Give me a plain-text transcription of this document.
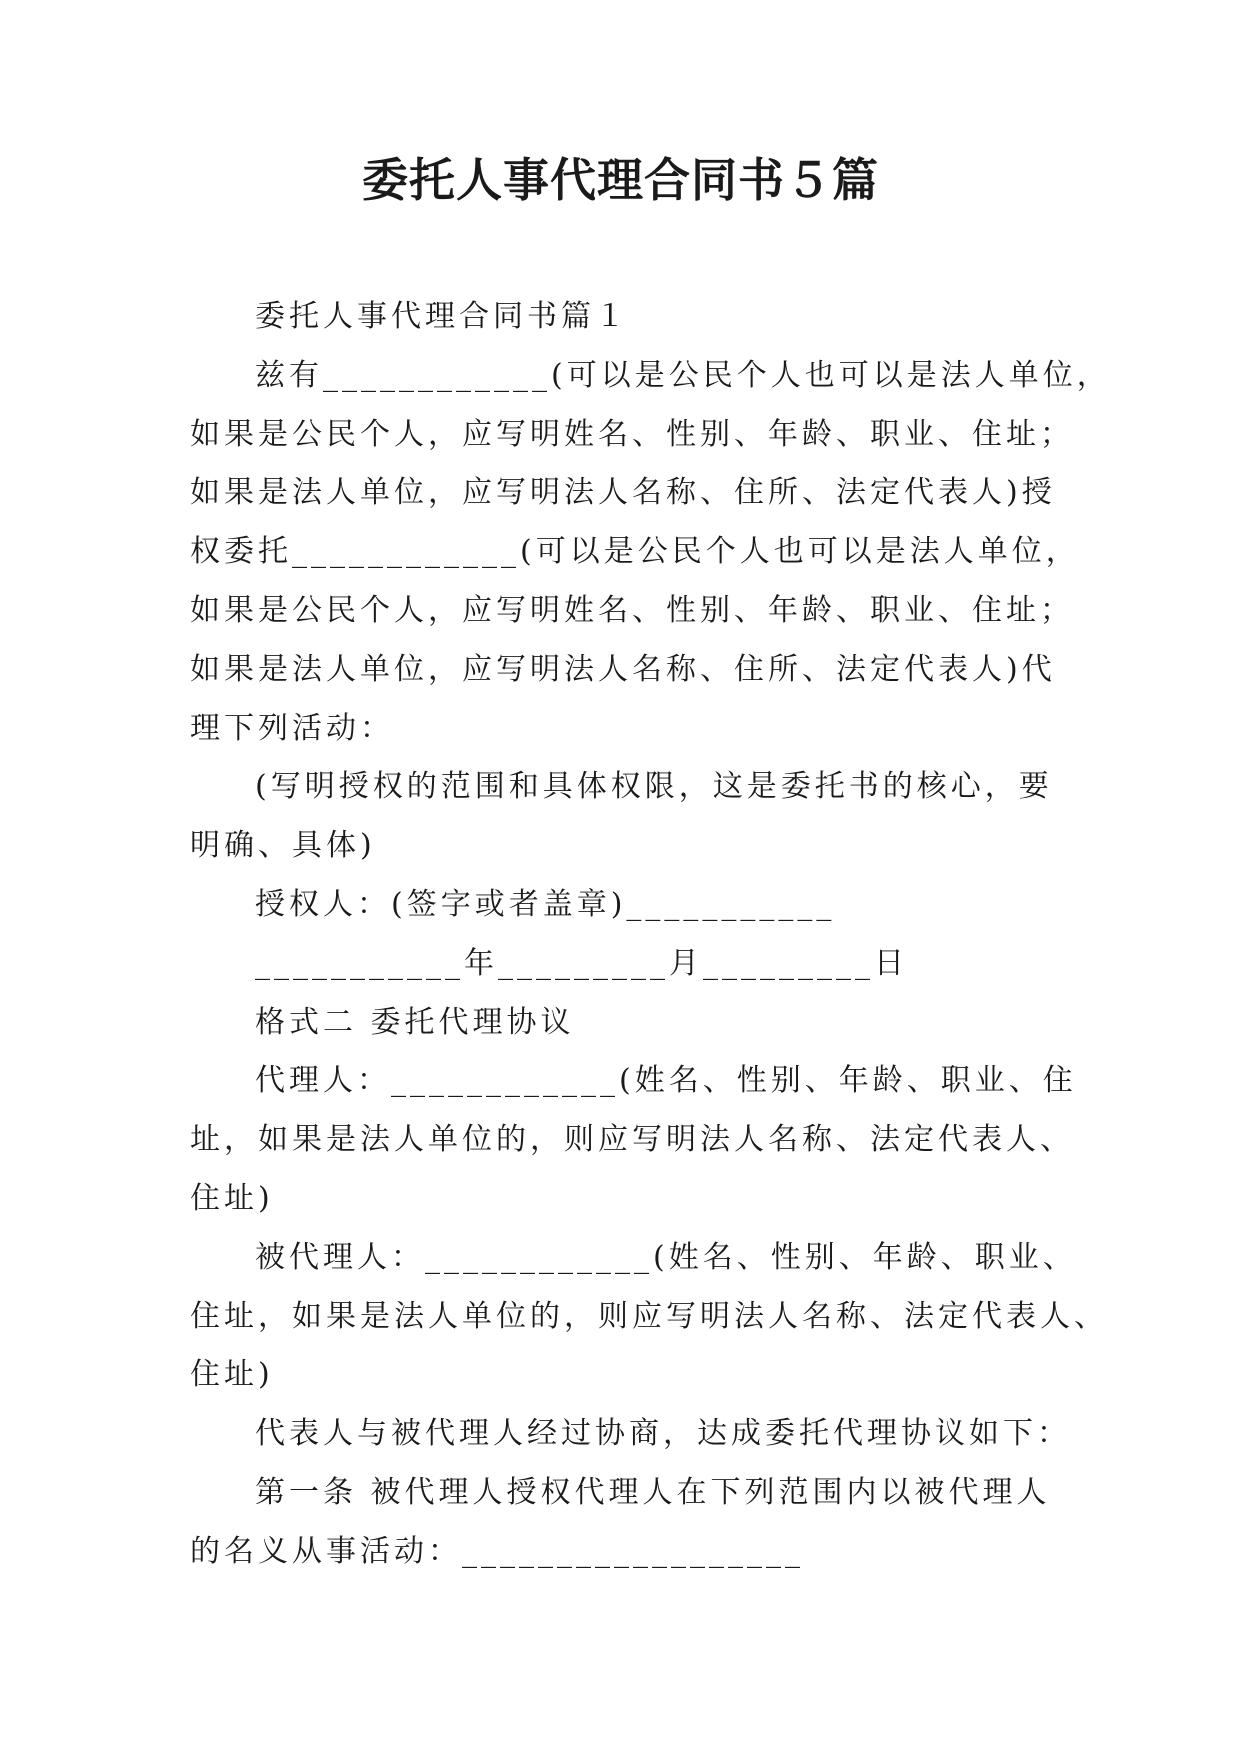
委托人事代理合同书５篇
委托人事代理合同书篇１
兹有____________(可以是公民个人也可以是法人单位，
如果是公民个人，应写明姓名、性别、年龄、职业、住址；
如果是法人单位，应写明法人名称、住所、法定代表人)授
权委托____________(可以是公民个人也可以是法人单位，
如果是公民个人，应写明姓名、性别、年龄、职业、住址；
如果是法人单位，应写明法人名称、住所、法定代表人)代
理下列活动：
(写明授权的范围和具体权限，这是委托书的核心，要
明确、具体)
授权人：(签字或者盖章)___________
___________年_________月_________日
格式二 委托代理协议
代理人：____________(姓名、性别、年龄、职业、住
址，如果是法人单位的，则应写明法人名称、法定代表人、
住址)
被代理人：____________(姓名、性别、年龄、职业、
住址，如果是法人单位的，则应写明法人名称、法定代表人、
住址)
代表人与被代理人经过协商，达成委托代理协议如下：
第一条 被代理人授权代理人在下列范围内以被代理人
的名义从事活动：__________________
